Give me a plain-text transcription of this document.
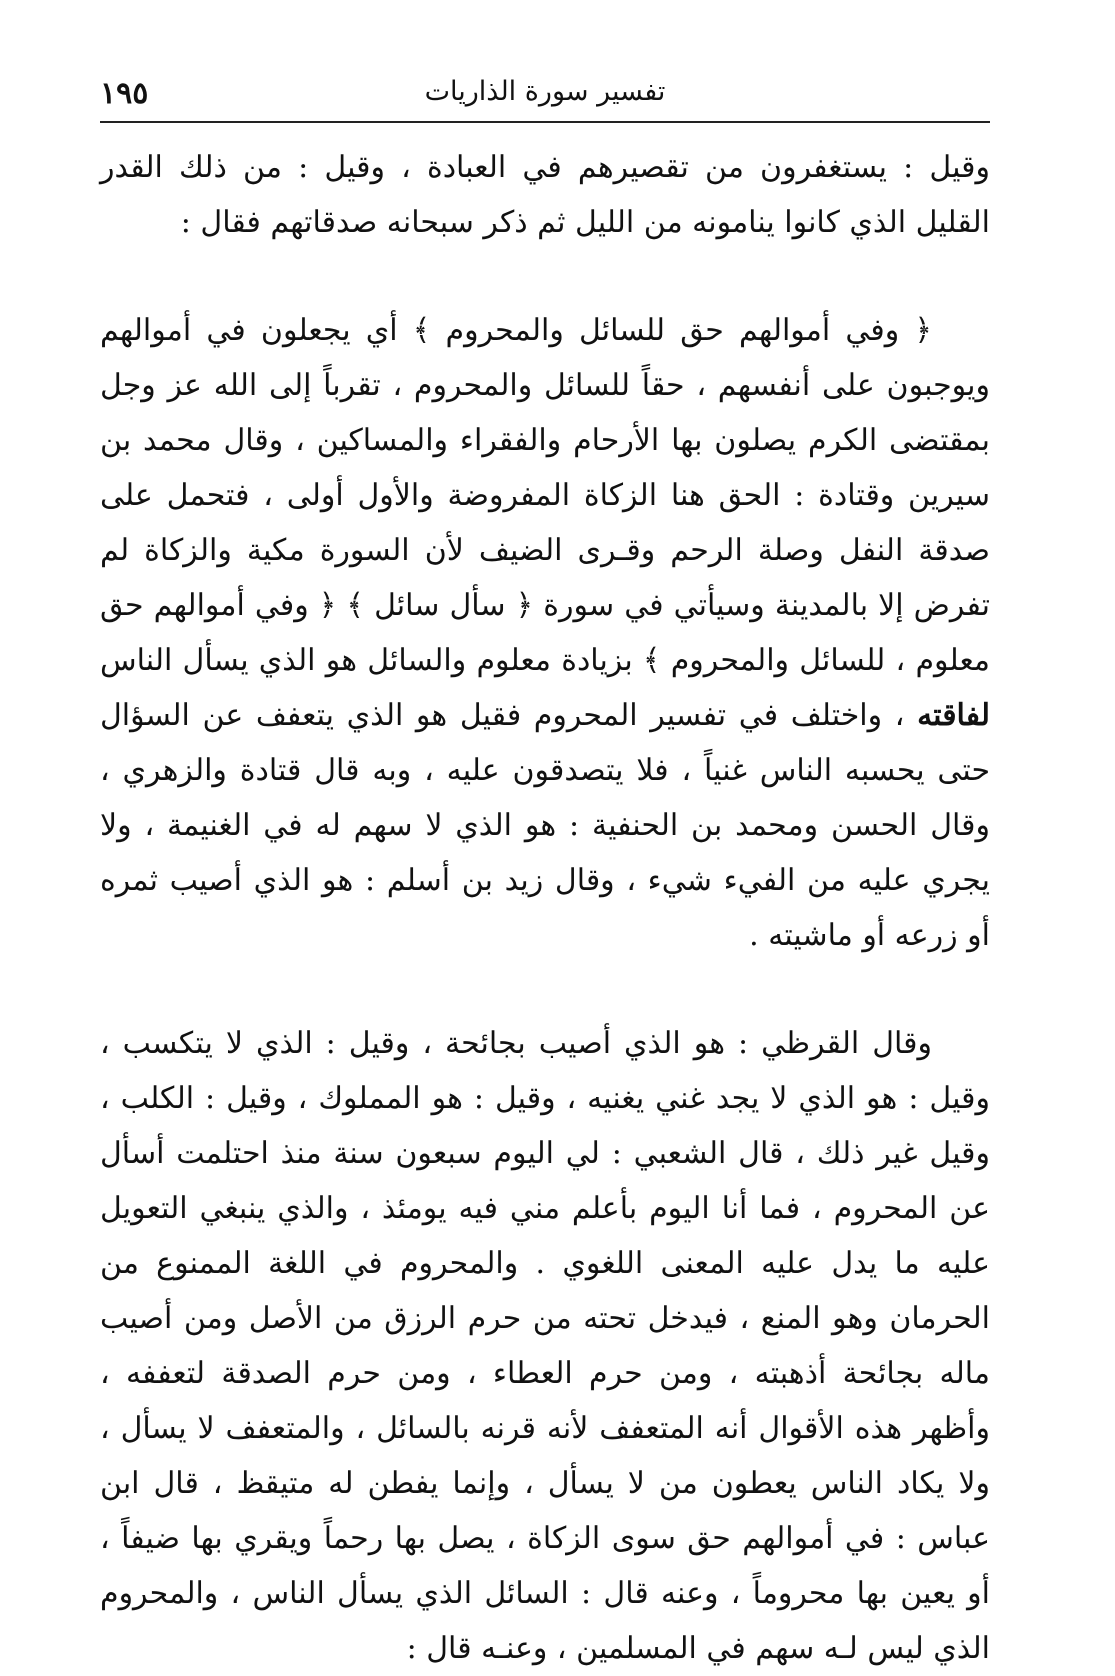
١٩٥	تفسير سورة الذاريات

وقيل : يستغفرون من تقصيرهم في العبادة ، وقيل : من ذلك القدر القليل الذي كانوا ينامونه من الليل ثم ذكر سبحانه صدقاتهم فقال :

﴿ وفي أموالهم حق للسائل والمحروم ﴾ أي يجعلون في أموالهم ويوجبون على أنفسهم ، حقاً للسائل والمحروم ، تقرباً إلى الله عز وجل بمقتضى الكرم يصلون بها الأرحام والفقراء والمساكين ، وقال محمد بن سيرين وقتادة : الحق هنا الزكاة المفروضة والأول أولى ، فتحمل على صدقة النفل وصلة الرحم وقـرى الضيف لأن السورة مكية والزكاة لم تفرض إلا بالمدينة وسيأتي في سورة ﴿ سأل سائل ﴾ ﴿ وفي أموالهم حق معلوم ، للسائل والمحروم ﴾ بزيادة معلوم والسائل هو الذي يسأل الناس لفاقته ، واختلف في تفسير المحروم فقيل هو الذي يتعفف عن السؤال حتى يحسبه الناس غنياً ، فلا يتصدقون عليه ، وبه قال قتادة والزهري ، وقال الحسن ومحمد بن الحنفية : هو الذي لا سهم له في الغنيمة ، ولا يجري عليه من الفيء شيء ، وقال زيد بن أسلم : هو الذي أصيب ثمره أو زرعه أو ماشيته .

وقال القرظي : هو الذي أصيب بجائحة ، وقيل : الذي لا يتكسب ، وقيل : هو الذي لا يجد غني يغنيه ، وقيل : هو المملوك ، وقيل : الكلب ، وقيل غير ذلك ، قال الشعبي : لي اليوم سبعون سنة منذ احتلمت أسأل عن المحروم ، فما أنا اليوم بأعلم مني فيه يومئذ ، والذي ينبغي التعويل عليه ما يدل عليه المعنى اللغوي . والمحروم في اللغة الممنوع من الحرمان وهو المنع ، فيدخل تحته من حرم الرزق من الأصل ومن أصيب ماله بجائحة أذهبته ، ومن حرم العطاء ، ومن حرم الصدقة لتعففه ، وأظهر هذه الأقوال أنه المتعفف لأنه قرنه بالسائل ، والمتعفف لا يسأل ، ولا يكاد الناس يعطون من لا يسأل ، وإنما يفطن له متيقظ ، قال ابن عباس : في أموالهم حق سوى الزكاة ، يصل بها رحماً ويقري بها ضيفاً ، أو يعين بها محروماً ، وعنه قال : السائل الذي يسأل الناس ، والمحروم الذي ليس لـه سهم في المسلمين ، وعنـه قال :
